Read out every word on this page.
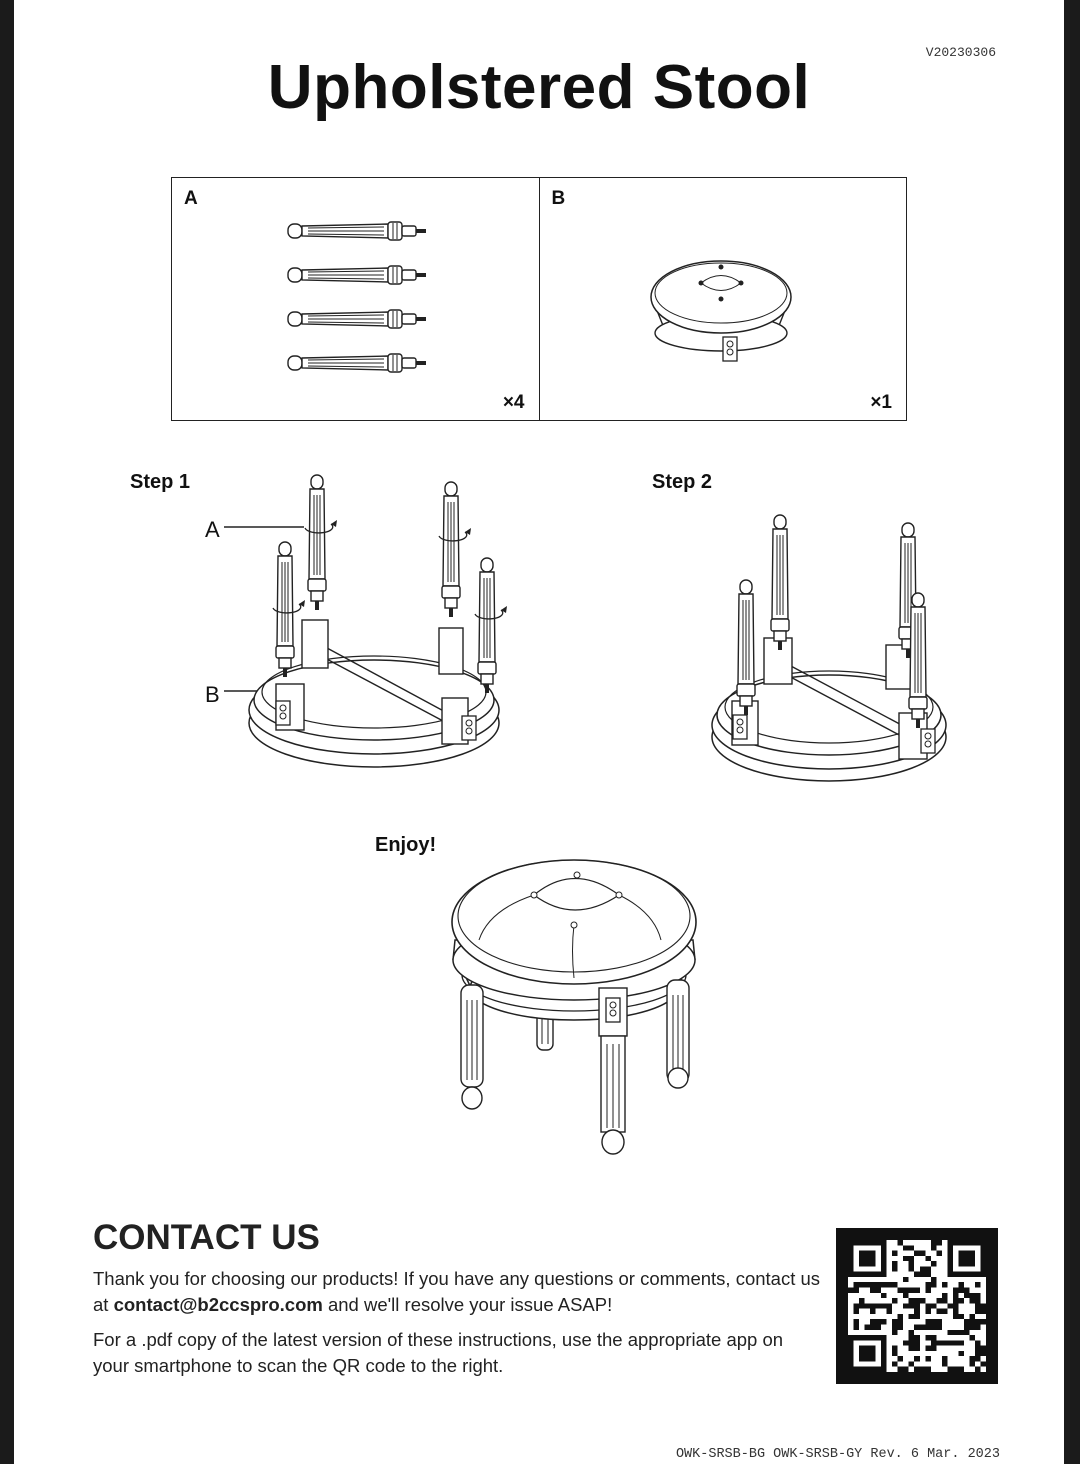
V20230306
Upholstered Stool
A
×4
B
×1
Step 1
A
B
Step 2
Enjoy!
CONTACT US

Thank you for choosing our products! If you have any questions or comments, contact us at contact@b2ccspro.com and we'll resolve your issue ASAP!

For a .pdf copy of the latest version of these instructions, use the appropriate app on your smartphone to scan the QR code to the right.

OWK-SRSB-BG OWK-SRSB-GY Rev. 6 Mar. 2023
